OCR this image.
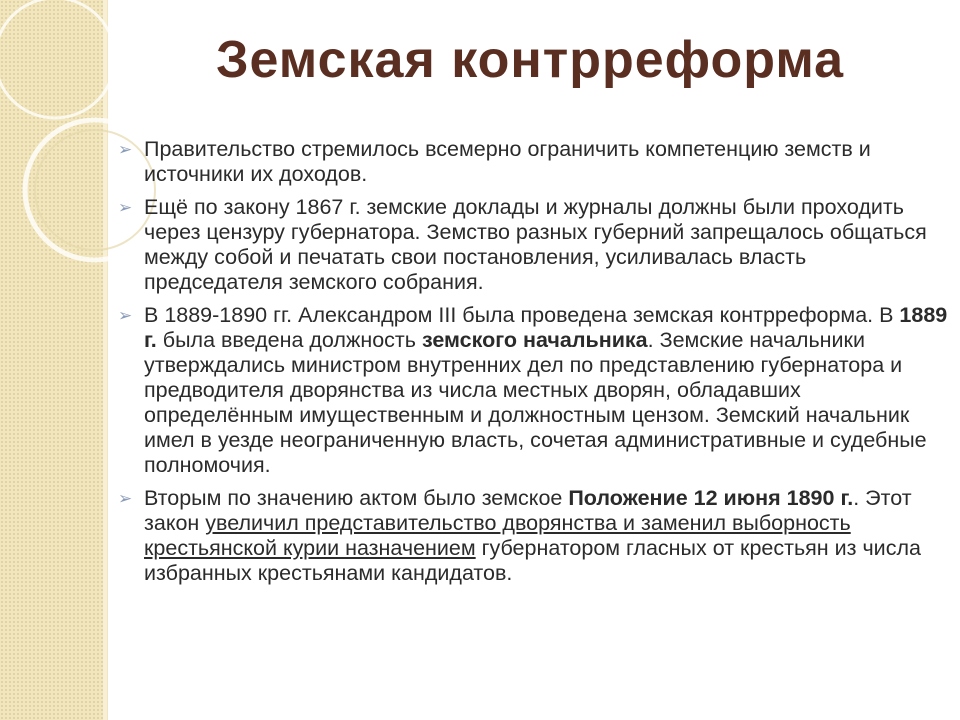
Земская контрреформа
➢ Правительство стремилось всемерно ограничить компетенцию земств и источники их доходов.
➢ Ещё по закону 1867 г. земские доклады и журналы должны были проходить через цензуру губернатора. Земство разных губерний запрещалось общаться между собой и печатать свои постановления, усиливалась власть председателя земского собрания.
➢ В 1889-1890 гг. Александром III была проведена земская контрреформа. В 1889 г. была введена должность земского начальника. Земские начальники утверждались министром внутренних дел по представлению губернатора и предводителя дворянства из числа местных дворян, обладавших определённым имущественным и должностным цензом. Земский начальник имел в уезде неограниченную власть, сочетая административные и судебные полномочия.
➢ Вторым по значению актом было земское Положение 12 июня 1890 г.. Этот закон увеличил представительство дворянства и заменил выборность крестьянской курии назначением губернатором гласных от крестьян из числа избранных крестьянами кандидатов.
